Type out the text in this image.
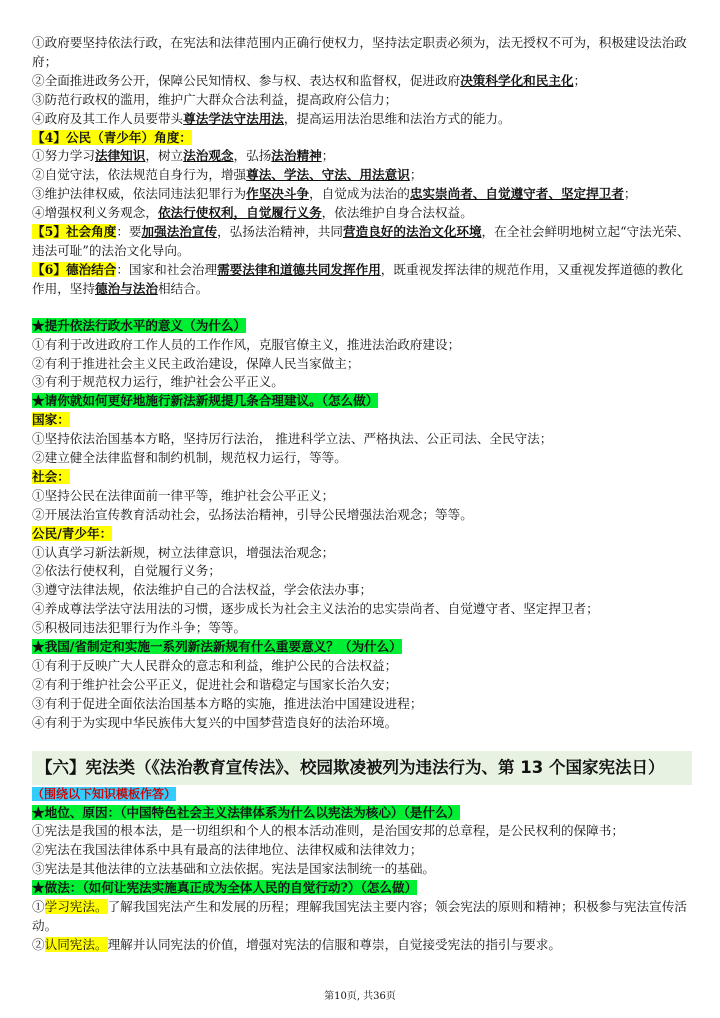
①政府要坚持依法行政，在宪法和法律范围内正确行使权力，坚持法定职责必须为，法无授权不可为，积极建设法治政府；
②全面推进政务公开，保障公民知情权、参与权、表达权和监督权，促进政府决策科学化和民主化；
③防范行政权的滥用，维护广大群众合法利益，提高政府公信力；
④政府及其工作人员要带头尊法学法守法用法，提高运用法治思维和法治方式的能力。
【4】公民（青少年）角度：
①努力学习法律知识，树立法治观念，弘扬法治精神；
②自觉守法，依法规范自身行为，增强尊法、学法、守法、用法意识；
③维护法律权威，依法同违法犯罪行为作坚决斗争，自觉成为法治的忠实崇尚者、自觉遵守者、坚定捍卫者；
④增强权利义务观念，依法行使权利，自觉履行义务，依法维护自身合法权益。
【5】社会角度：要加强法治宣传，弘扬法治精神，共同营造良好的法治文化环境，在全社会鲜明地树立起“守法光荣、违法可耻”的法治文化导向。
【6】德治结合：国家和社会治理需要法律和道德共同发挥作用，既重视发挥法律的规范作用，又重视发挥道德的教化作用，坚持德治与法治相结合。
★提升依法行政水平的意义（为什么）
①有利于改进政府工作人员的工作作风，克服官僚主义，推进法治政府建设；
②有利于推进社会主义民主政治建设，保障人民当家做主；
③有利于规范权力运行，维护社会公平正义。
★请你就如何更好地施行新法新规提几条合理建议。（怎么做）
国家：
①坚持依法治国基本方略，坚持厉行法治， 推进科学立法、严格执法、公正司法、全民守法；
②建立健全法律监督和制约机制，规范权力运行，等等。
社会：
①坚持公民在法律面前一律平等，维护社会公平正义；
②开展法治宣传教育活动社会，弘扬法治精神，引导公民增强法治观念；等等。
公民/青少年：
①认真学习新法新规，树立法律意识，增强法治观念；
②依法行使权利，自觉履行义务；
③遵守法律法规，依法维护自己的合法权益，学会依法办事；
④养成尊法学法守法用法的习惯，逐步成长为社会主义法治的忠实崇尚者、自觉遵守者、坚定捍卫者；
⑤积极同违法犯罪行为作斗争；等等。
★我国/省制定和实施一系列新法新规有什么重要意义？（为什么）
①有利于反映广大人民群众的意志和利益，维护公民的合法权益；
②有利于维护社会公平正义，促进社会和谐稳定与国家长治久安；
③有利于促进全面依法治国基本方略的实施，推进法治中国建设进程；
④有利于为实现中华民族伟大复兴的中国梦营造良好的法治环境。
【六】宪法类（《法治教育宣传法》、校园欺凌被列为违法行为、第 13 个国家宪法日）
（围绕以下知识模板作答）
★地位、原因：（中国特色社会主义法律体系为什么以宪法为核心）（是什么）
①宪法是我国的根本法，是一切组织和个人的根本活动准则，是治国安邦的总章程，是公民权利的保障书；
②宪法在我国法律体系中具有最高的法律地位、法律权威和法律效力；
③宪法是其他法律的立法基础和立法依据。宪法是国家法制统一的基础。
★做法：（如何让宪法实施真正成为全体人民的自觉行动?）（怎么做）
①学习宪法。了解我国宪法产生和发展的历程；理解我国宪法主要内容；领会宪法的原则和精神；积极参与宪法宣传活动。
②认同宪法。理解并认同宪法的价值，增强对宪法的信服和尊崇，自觉接受宪法的指引与要求。
第10页, 共36页
